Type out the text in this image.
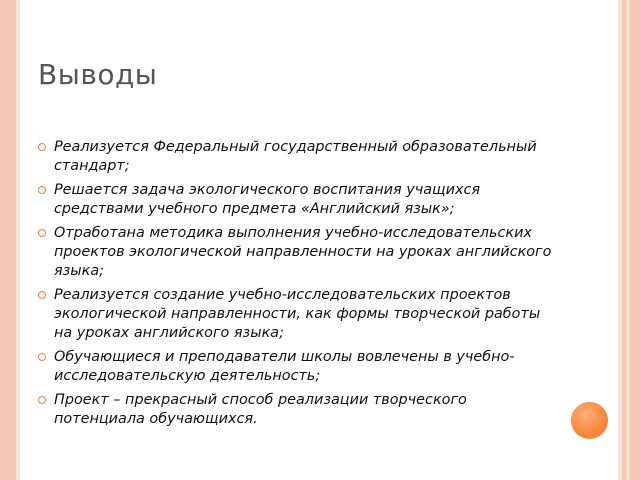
Выводы
Реализуется Федеральный государственный образовательный стандарт;
Решается задача экологического воспитания учащихся средствами учебного предмета «Английский язык»;
Отработана методика выполнения учебно-исследовательских проектов экологической направленности на уроках английского языка;
Реализуется создание учебно-исследовательских проектов экологической направленности, как формы творческой работы на уроках английского языка;
Обучающиеся и преподаватели школы вовлечены в учебно-исследовательскую деятельность;
Проект – прекрасный способ реализации творческого потенциала обучающихся.
